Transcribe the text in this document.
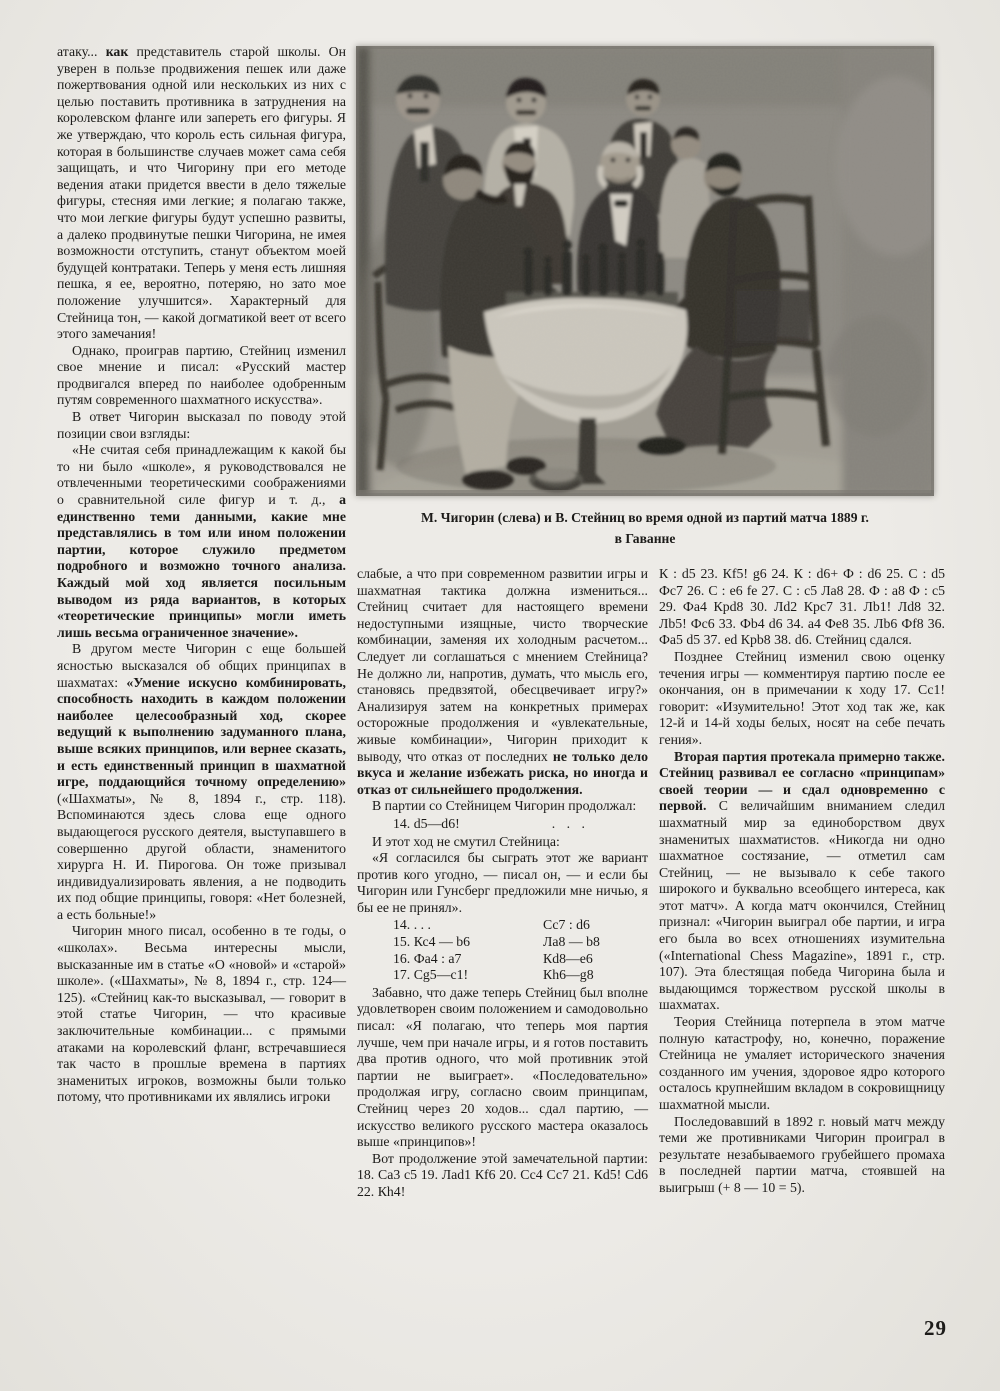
М. Чигорин (слева) и В. Стейниц во время одной из партий матча 1889 г.
в Гаванне

атаку... как представитель старой школы. Он уверен в пользе продвижения пешек или даже пожертвования одной или нескольких из них с целью поставить противника в затруднения на королевском фланге или запереть его фигуры. Я же утверждаю, что король есть сильная фигура, которая в большинстве случаев может сама себя защищать, и что Чигорину при его методе ведения атаки придется ввести в дело тяжелые фигуры, стесняя ими легкие; я полагаю также, что мои легкие фигуры будут успешно развиты, а далеко продвинутые пешки Чигорина, не имея возможности отступить, станут объектом моей будущей контратаки. Теперь у меня есть лишняя пешка, я ее, вероятно, потеряю, но зато мое положение улучшится». Характерный для Стейница тон, — какой догматикой веет от всего этого замечания!

Однако, проиграв партию, Стейниц изменил свое мнение и писал: «Русский мастер продвигался вперед по наиболее одобренным путям современного шахматного искусства».

В ответ Чигорин высказал по поводу этой позиции свои взгляды:

«Не считая себя принадлежащим к какой бы то ни было «школе», я руководствовался не отвлеченными теоретическими соображениями о сравнительной силе фигур и т. д., а единственно теми данными, какие мне представлялись в том или ином положении партии, которое служило предметом подробного и возможно точного анализа. Каждый мой ход является посильным выводом из ряда вариантов, в которых «теоретические принципы» могли иметь лишь весьма ограниченное значение».

В другом месте Чигорин с еще большей ясностью высказался об общих принципах в шахматах: «Умение искусно комбинировать, способность находить в каждом положении наиболее целесообразный ход, скорее ведущий к выполнению задуманного плана, выше всяких принципов, или вернее сказать, и есть единственный принцип в шахматной игре, поддающийся точному определению» («Шахматы», № 8, 1894 г., стр. 118). Вспоминаются здесь слова еще одного выдающегося русского деятеля, выступавшего в совершенно другой области, знаменитого хирурга Н. И. Пирогова. Он тоже призывал индивидуализировать явления, а не подводить их под общие принципы, говоря: «Нет болезней, а есть больные!»

Чигорин много писал, особенно в те годы, о «школах». Весьма интересны мысли, высказанные им в статье «О «новой» и «старой» школе». («Шахматы», № 8, 1894 г., стр. 124—125). «Стейниц как-то высказывал, — говорит в этой статье Чигорин, — что красивые заключительные комбинации... с прямыми атаками на королевский фланг, встречавшиеся так часто в прошлые времена в партиях знаменитых игроков, возможны были только потому, что противниками их являлись игроки

слабые, а что при современном развитии игры и шахматная тактика должна измениться... Стейниц считает для настоящего времени недоступными изящные, чисто творческие комбинации, заменяя их холодным расчетом... Следует ли соглашаться с мнением Стейница? Не должно ли, напротив, думать, что мысль его, становясь предвзятой, обесцвечивает игру?» Анализируя затем на конкретных примерах осторожные продолжения и «увлекательные, живые комбинации», Чигорин приходит к выводу, что отказ от последних не только дело вкуса и желание избежать риска, но иногда и отказ от сильнейшего продолжения.

В партии со Стейницем Чигорин продолжал:

14. d5—d6!	. . .

И этот ход не смутил Стейница:

«Я согласился бы сыграть этот же вариант против кого угодно, — писал он, — и если бы Чигорин или Гунсберг предложили мне ничью, я бы ее не принял».

14. . . .	Сс7 : d6
15. Кс4 — b6	Ла8 — b8
16. Фа4 : а7	Кd8—е6
17. Сg5—с1!	Кh6—g8

Забавно, что даже теперь Стейниц был вполне удовлетворен своим положением и самодовольно писал: «Я полагаю, что теперь моя партия лучше, чем при начале игры, и я готов поставить два против одного, что мой противник этой партии не выиграет». «Последовательно» продолжая игру, согласно своим принципам, Стейниц через 20 ходов... сдал партию, — искусство великого русского мастера оказалось выше «принципов»!

Вот продолжение этой замечательной партии: 18. Са3 с5 19. Лаd1 Кf6 20. Сс4 Сс7 21. Кd5! Сd6 22. Кh4!

К : d5 23. Кf5! g6 24. К : d6+ Ф : d6 25. С : d5 Фс7 26. С : е6 fe 27. С : с5 Ла8 28. Ф : а8 Ф : с5 29. Фа4 Крd8 30. Лd2 Крс7 31. Лb1! Лd8 32. Лb5! Фс6 33. Фb4 d6 34. а4 Фе8 35. Лb6 Фf8 36. Фа5 d5 37. ed Крb8 38. d6. Стейниц сдался.

Позднее Стейниц изменил свою оценку течения игры — комментируя партию после ее окончания, он в примечании к ходу 17. Сс1! говорит: «Изумительно! Этот ход так же, как 12-й и 14-й ходы белых, носят на себе печать гения».

Вторая партия протекала примерно также. Стейниц развивал ее согласно «принципам» своей теории — и сдал одновременно с первой. С величайшим вниманием следил шахматный мир за единоборством двух знаменитых шахматистов. «Никогда ни одно шахматное состязание, — отметил сам Стейниц, — не вызывало к себе такого широкого и буквально всеобщего интереса, как этот матч». А когда матч окончился, Стейниц признал: «Чигорин выиграл обе партии, и игра его была во всех отношениях изумительна («International Chess Magazine», 1891 г., стр. 107). Эта блестящая победа Чигорина была и выдающимся торжеством русской школы в шахматах.

Теория Стейница потерпела в этом матче полную катастрофу, но, конечно, поражение Стейница не умаляет исторического значения созданного им учения, здоровое ядро которого осталось крупнейшим вкладом в сокровищницу шахматной мысли.

Последовавший в 1892 г. новый матч между теми же противниками Чигорин проиграл в результате незабываемого грубейшего промаха в последней партии матча, стоявшей на выигрыш (+ 8 — 10 = 5).

29
